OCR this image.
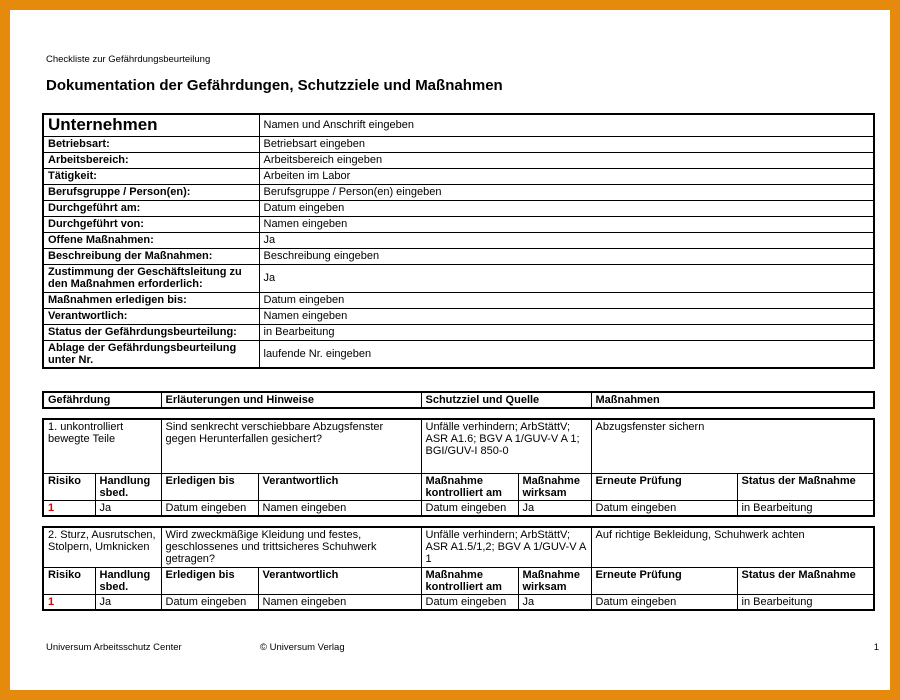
Checkliste zur Gefährdungsbeurteilung
Dokumentation der Gefährdungen, Schutzziele und Maßnahmen
Unternehmen	Namen und Anschrift eingeben
Betriebsart:	Betriebsart eingeben
Arbeitsbereich:	Arbeitsbereich eingeben
Tätigkeit:	Arbeiten im Labor
Berufsgruppe / Person(en):	Berufsgruppe / Person(en) eingeben
Durchgeführt am:	Datum eingeben
Durchgeführt von:	Namen eingeben
Offene Maßnahmen:	Ja
Beschreibung der Maßnahmen:	Beschreibung eingeben
Zustimmung der Geschäftsleitung zu den Maßnahmen erforderlich:	Ja
Maßnahmen erledigen bis:	Datum eingeben
Verantwortlich:	Namen eingeben
Status der Gefährdungsbeurteilung:	in Bearbeitung
Ablage der Gefährdungsbeurteilung unter Nr.	laufende Nr. eingeben
Gefährdung	Erläuterungen und Hinweise	Schutzziel und Quelle	Maßnahmen
1. unkontrolliert bewegte Teile		Sind senkrecht verschiebbare Abzugsfenster gegen Herunterfallen gesichert?		Unfälle verhindern; ArbStättV; ASR A1.6; BGV A 1/GUV-V A 1; BGI/GUV-I 850-0		Abzugsfenster sichern	
Risiko	Handlung sbed.	Erledigen bis	Verantwortlich	Maßnahme kontrolliert am	Maßnahme wirksam	Erneute Prüfung	Status der Maßnahme
1	Ja	Datum eingeben	Namen eingeben	Datum eingeben	Ja	Datum eingeben	in Bearbeitung
2. Sturz, Ausrutschen, Stolpern, Umknicken		Wird zweckmäßige Kleidung und festes, geschlossenes und trittsicheres Schuhwerk getragen?		Unfälle verhindern; ArbStättV; ASR A1.5/1,2; BGV A 1/GUV-V A 1		Auf richtige Bekleidung, Schuhwerk achten	
Risiko	Handlung sbed.	Erledigen bis	Verantwortlich	Maßnahme kontrolliert am	Maßnahme wirksam	Erneute Prüfung	Status der Maßnahme
1	Ja	Datum eingeben	Namen eingeben	Datum eingeben	Ja	Datum eingeben	in Bearbeitung
Universum Arbeitsschutz Center	© Universum Verlag	1
